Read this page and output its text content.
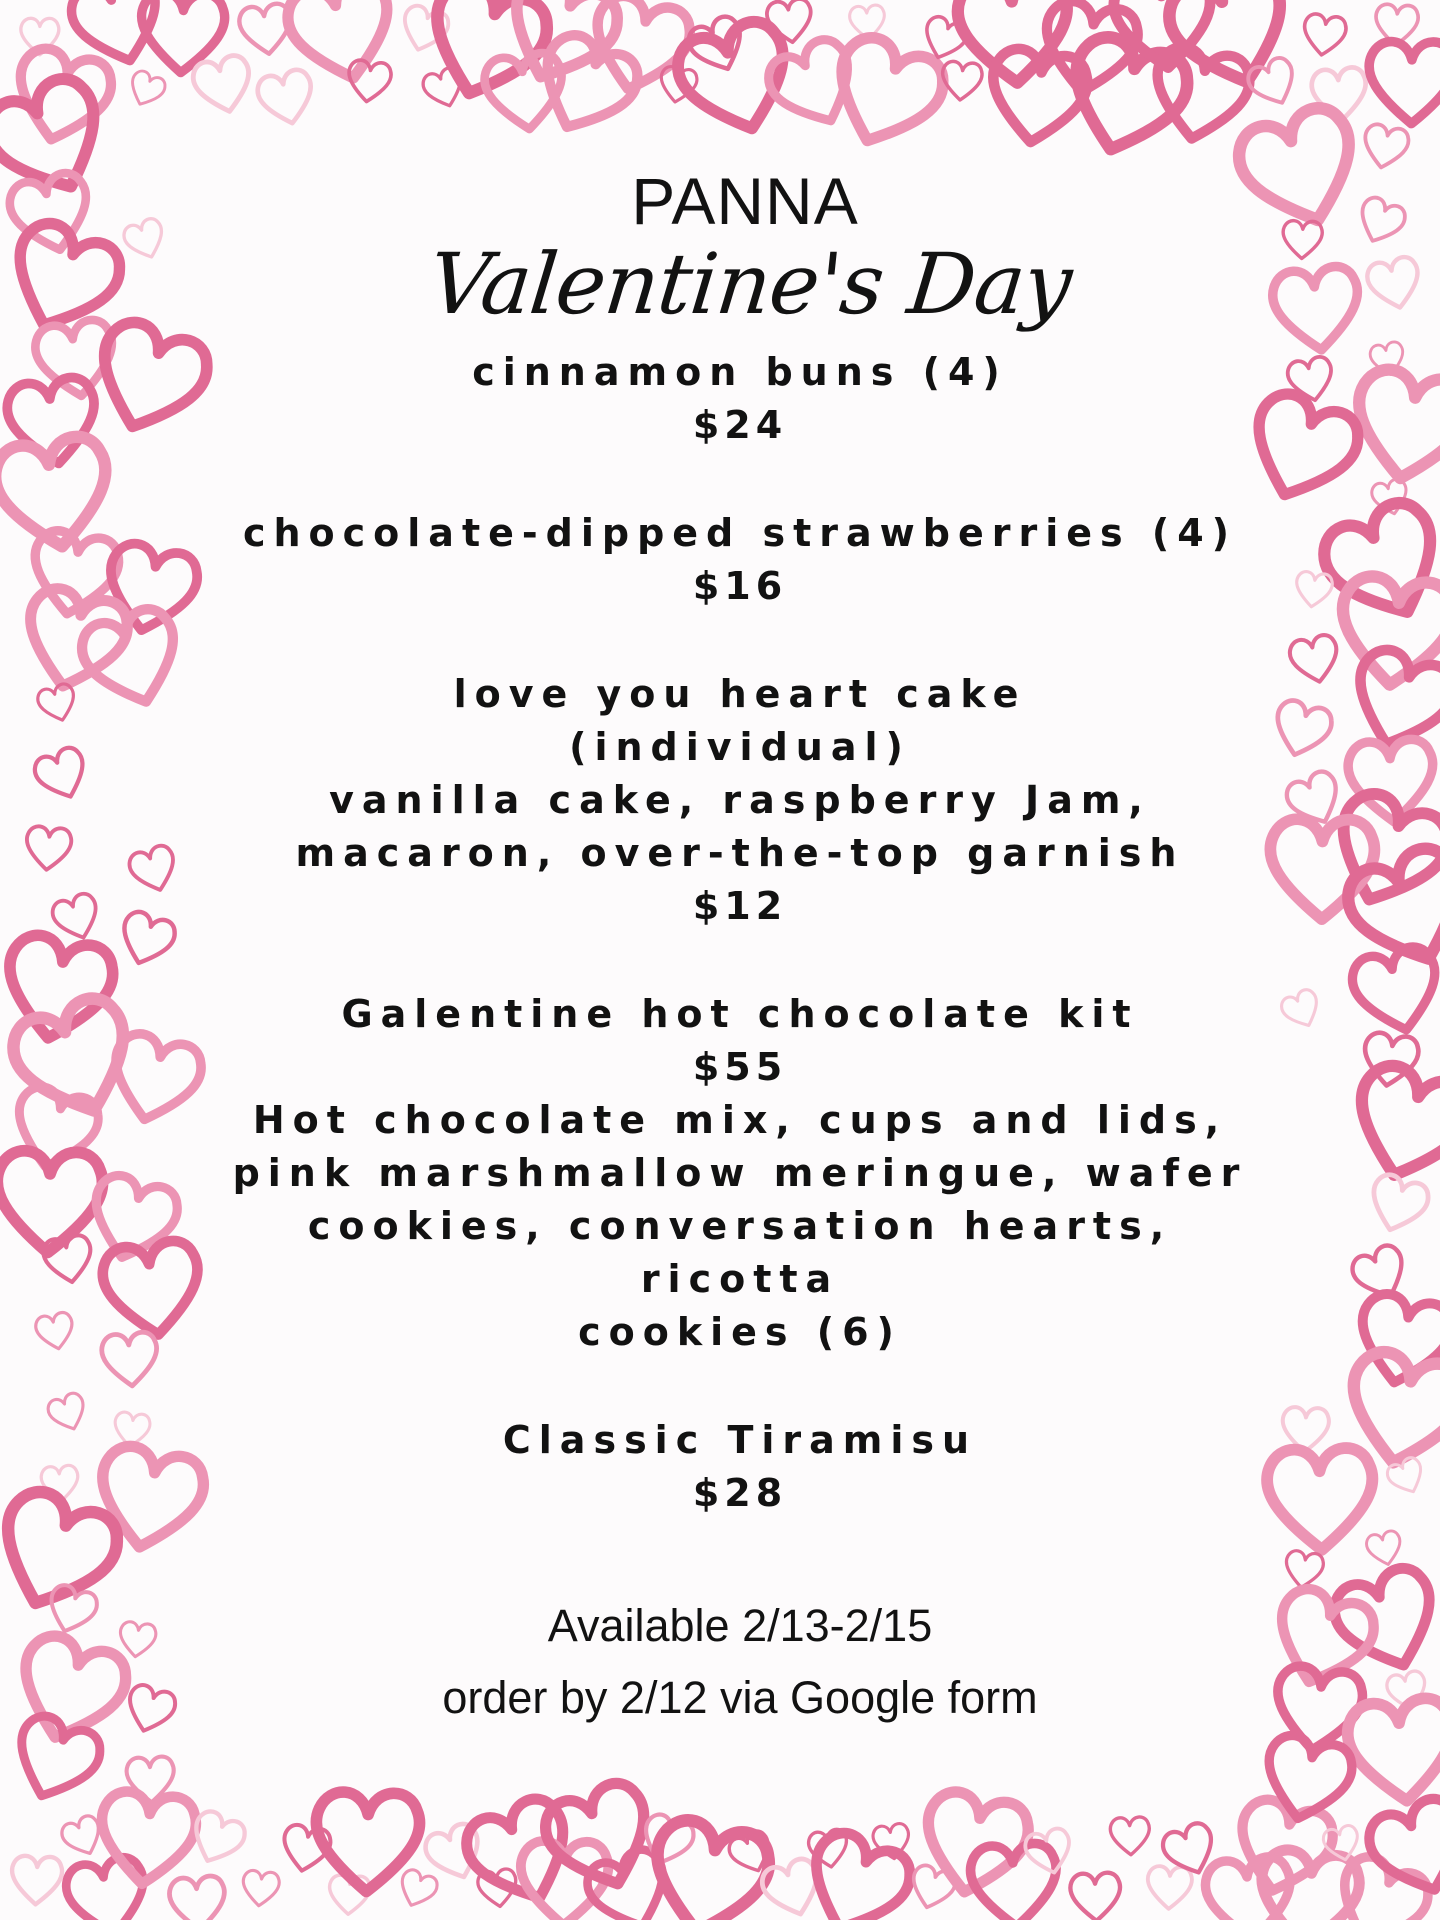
PANNA
Valentine's Day
cinnamon buns (4)
$24
chocolate-dipped strawberries (4)
$16
love you heart cake
(individual)
vanilla cake, raspberry Jam,
macaron, over-the-top garnish
$12
Galentine hot chocolate kit
$55
Hot chocolate mix, cups and lids,
pink marshmallow meringue, wafer
cookies, conversation hearts, ricotta
cookies (6)
Classic Tiramisu
$28
Available 2/13-2/15
order by 2/12 via Google form
